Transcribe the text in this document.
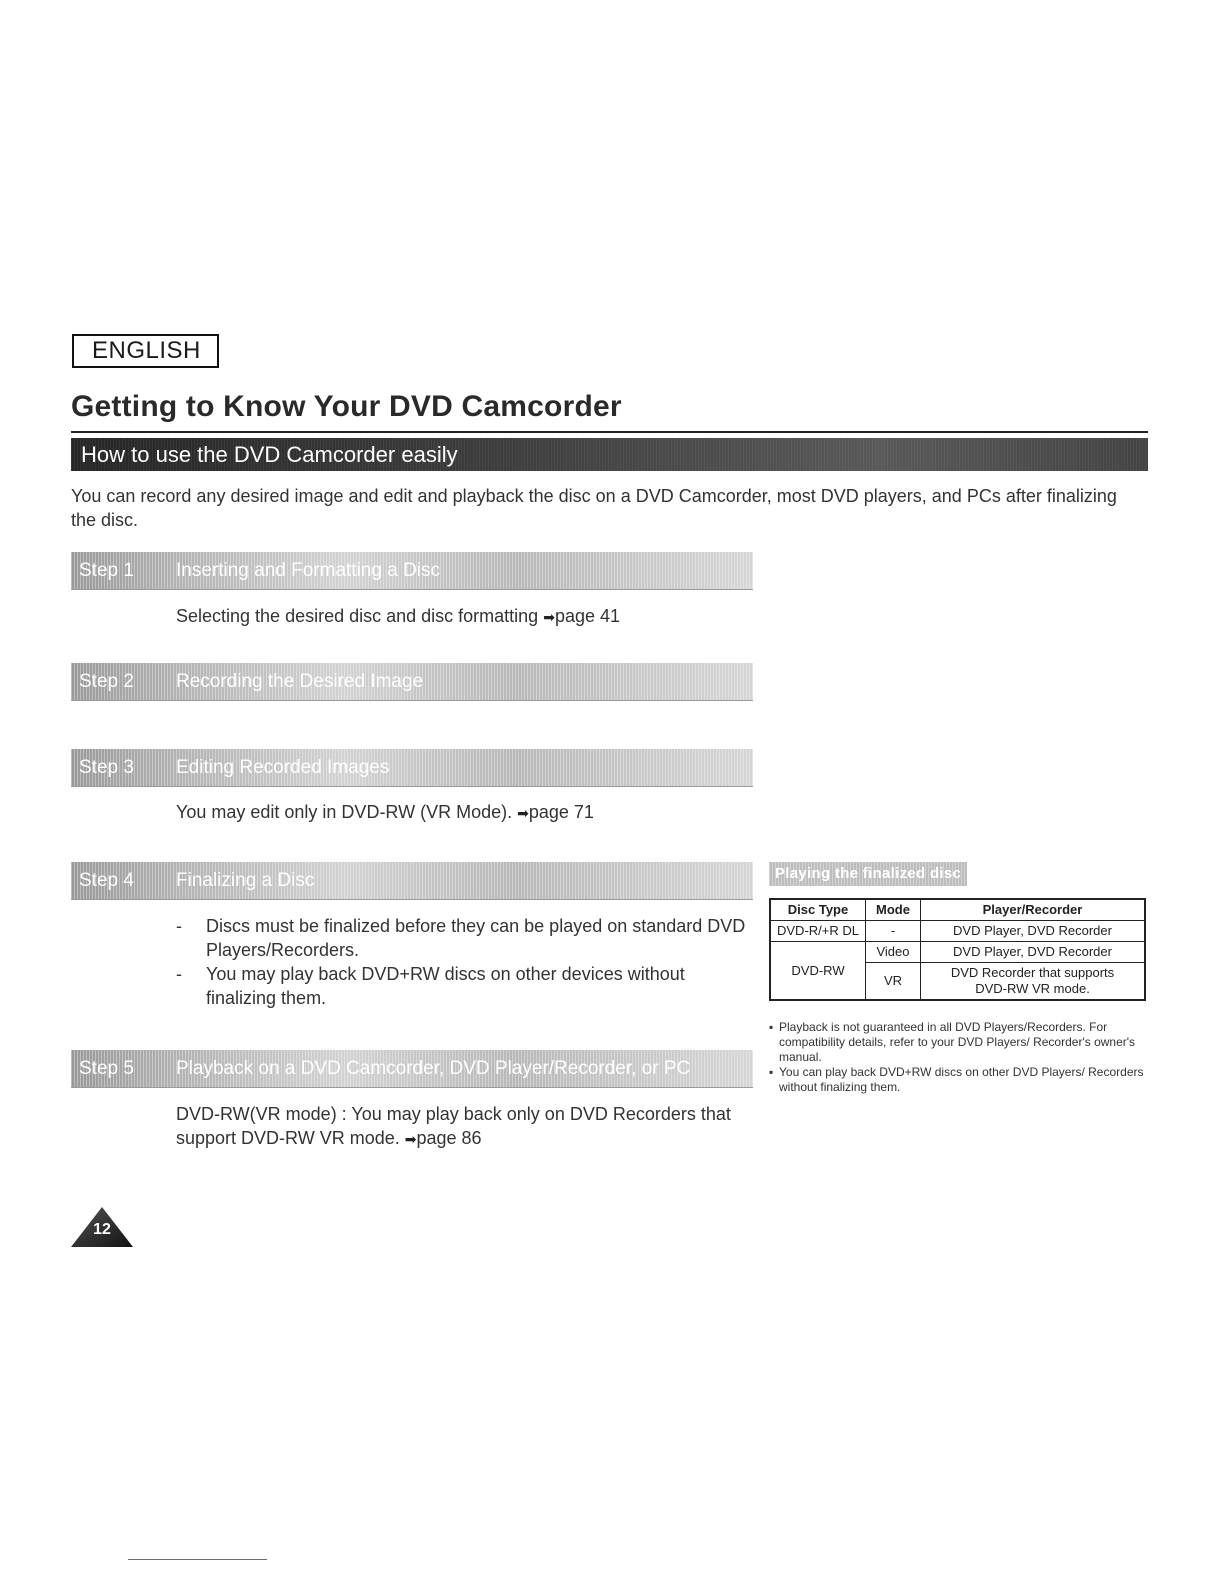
ENGLISH
Getting to Know Your DVD Camcorder
How to use the DVD Camcorder easily
You can record any desired image and edit and playback the disc on a DVD Camcorder, most DVD players, and PCs after finalizing the disc.
Step 1 Inserting and Formatting a Disc
Selecting the desired disc and disc formatting ➡page 41
Step 2 Recording the Desired Image
Step 3 Editing Recorded Images
You may edit only in DVD-RW (VR Mode). ➡page 71
Step 4 Finalizing a Disc
- Discs must be finalized before they can be played on standard DVD Players/Recorders.
- You may play back DVD+RW discs on other devices without finalizing them.
Step 5 Playback on a DVD Camcorder, DVD Player/Recorder, or PC
DVD-RW(VR mode) : You may play back only on DVD Recorders that support DVD-RW VR mode. ➡page 86
Playing the finalized disc
Disc Type	Mode	Player/Recorder
DVD-R/+R DL	-	DVD Player, DVD Recorder
DVD-RW	Video	DVD Player, DVD Recorder
	VR	DVD Recorder that supports
DVD-RW VR mode.

▪ Playback is not guaranteed in all DVD Players/Recorders. For compatibility details, refer to your DVD Players/ Recorder's owner's manual.

▪ You can play back DVD+RW discs on other DVD Players/ Recorders without finalizing them.

12
